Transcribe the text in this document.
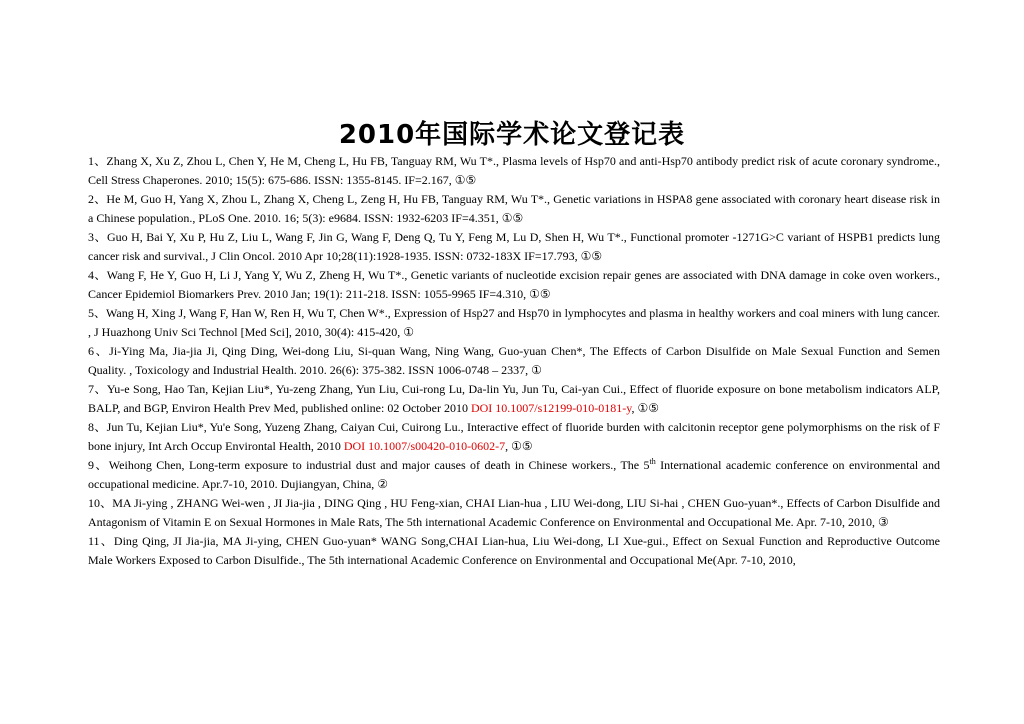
2010年国际学术论文登记表
1、Zhang X, Xu Z, Zhou L, Chen Y, He M, Cheng L, Hu FB, Tanguay RM, Wu T*., Plasma levels of Hsp70 and anti-Hsp70 antibody predict risk of acute coronary syndrome., Cell Stress Chaperones. 2010; 15(5): 675-686. ISSN: 1355-8145. IF=2.167, ①⑤
2、He M, Guo H, Yang X, Zhou L, Zhang X, Cheng L, Zeng H, Hu FB, Tanguay RM, Wu T*., Genetic variations in HSPA8 gene associated with coronary heart disease risk in a Chinese population., PLoS One. 2010. 16; 5(3): e9684. ISSN: 1932-6203 IF=4.351, ①⑤
3、Guo H, Bai Y, Xu P, Hu Z, Liu L, Wang F, Jin G, Wang F, Deng Q, Tu Y, Feng M, Lu D, Shen H, Wu T*., Functional promoter -1271G>C variant of HSPB1 predicts lung cancer risk and survival., J Clin Oncol. 2010 Apr 10;28(11):1928-1935. ISSN: 0732-183X IF=17.793, ①⑤
4、Wang F, He Y, Guo H, Li J, Yang Y, Wu Z, Zheng H, Wu T*., Genetic variants of nucleotide excision repair genes are associated with DNA damage in coke oven workers., Cancer Epidemiol Biomarkers Prev. 2010 Jan; 19(1): 211-218. ISSN: 1055-9965 IF=4.310, ①⑤
5、Wang H, Xing J, Wang F, Han W, Ren H, Wu T, Chen W*., Expression of Hsp27 and Hsp70 in lymphocytes and plasma in healthy workers and coal miners with lung cancer. , J Huazhong Univ Sci Technol [Med Sci], 2010, 30(4): 415-420, ①
6、Ji-Ying Ma, Jia-jia Ji, Qing Ding, Wei-dong Liu, Si-quan Wang, Ning Wang, Guo-yuan Chen*, The Effects of Carbon Disulfide on Male Sexual Function and Semen Quality. , Toxicology and Industrial Health. 2010. 26(6): 375-382. ISSN 1006-0748 – 2337, ①
7、Yu-e Song, Hao Tan, Kejian Liu*, Yu-zeng Zhang, Yun Liu, Cui-rong Lu, Da-lin Yu, Jun Tu, Cai-yan Cui., Effect of fluoride exposure on bone metabolism indicators ALP, BALP, and BGP, Environ Health Prev Med, published online: 02 October 2010 DOI 10.1007/s12199-010-0181-y, ①⑤
8、Jun Tu, Kejian Liu*, Yu'e Song, Yuzeng Zhang, Caiyan Cui, Cuirong Lu., Interactive effect of fluoride burden with calcitonin receptor gene polymorphisms on the risk of F bone injury, Int Arch Occup Environtal Health, 2010 DOI 10.1007/s00420-010-0602-7, ①⑤
9、Weihong Chen, Long-term exposure to industrial dust and major causes of death in Chinese workers., The 5th International academic conference on environmental and occupational medicine. Apr.7-10, 2010. Dujiangyan, China, ②
10、MA Ji-ying , ZHANG Wei-wen , JI Jia-jia , DING Qing , HU Feng-xian, CHAI Lian-hua , LIU Wei-dong, LIU Si-hai , CHEN Guo-yuan*., Effects of Carbon Disulfide and Antagonism of Vitamin E on Sexual Hormones in Male Rats, The 5th international Academic Conference on Environmental and Occupational Me. Apr. 7-10, 2010, ③
11、Ding Qing, JI Jia-jia, MA Ji-ying, CHEN Guo-yuan* WANG Song,CHAI Lian-hua, Liu Wei-dong, LI Xue-gui., Effect on Sexual Function and Reproductive Outcome Male Workers Exposed to Carbon Disulfide., The 5th international Academic Conference on Environmental and Occupational Me(Apr. 7-10, 2010,
